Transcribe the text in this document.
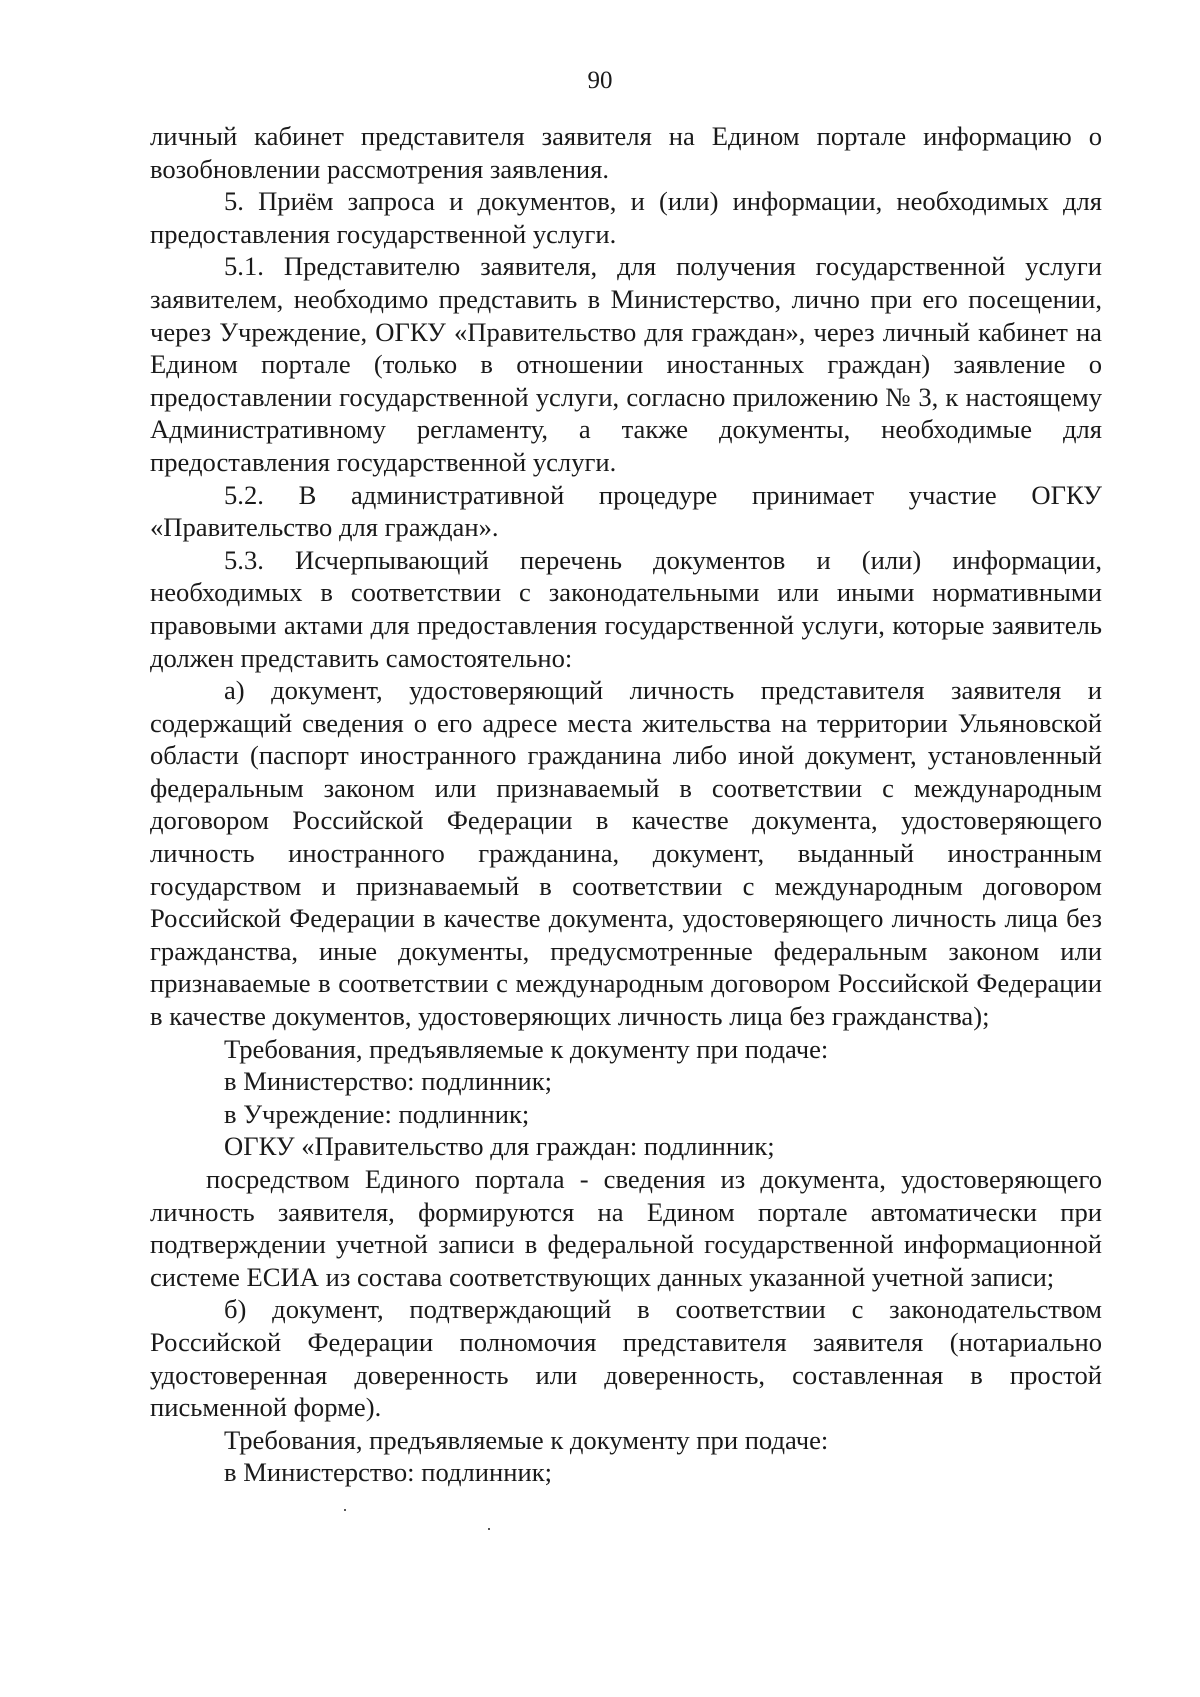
90

личный кабинет представителя заявителя на Едином портале информацию о возобновлении рассмотрения заявления.

5. Приём запроса и документов, и (или) информации, необходимых для предоставления государственной услуги.

5.1. Представителю заявителя, для получения государственной услуги заявителем, необходимо представить в Министерство, лично при его посещении, через Учреждение, ОГКУ «Правительство для граждан», через личный кабинет на Едином портале (только в отношении иностанных граждан) заявление о предоставлении государственной услуги, согласно приложению № 3, к настоящему Административному регламенту, а также документы, необходимые для предоставления государственной услуги.

5.2. В административной процедуре принимает участие ОГКУ «Правительство для граждан».

5.3. Исчерпывающий перечень документов и (или) информации, необходимых в соответствии с законодательными или иными нормативными правовыми актами для предоставления государственной услуги, которые заявитель должен представить самостоятельно:

а) документ, удостоверяющий личность представителя заявителя и содержащий сведения о его адресе места жительства на территории Ульяновской области (паспорт иностранного гражданина либо иной документ, установленный федеральным законом или признаваемый в соответствии с международным договором Российской Федерации в качестве документа, удостоверяющего личность иностранного гражданина, документ, выданный иностранным государством и признаваемый в соответствии с международным договором Российской Федерации в качестве документа, удостоверяющего личность лица без гражданства, иные документы, предусмотренные федеральным законом или признаваемые в соответствии с международным договором Российской Федерации в качестве документов, удостоверяющих личность лица без гражданства);

Требования, предъявляемые к документу при подаче:

в Министерство: подлинник;

в Учреждение: подлинник;

ОГКУ «Правительство для граждан: подлинник;

посредством Единого портала - сведения из документа, удостоверяющего личность заявителя, формируются на Едином портале автоматически при подтверждении учетной записи в федеральной государственной информационной системе ЕСИА из состава соответствующих данных указанной учетной записи;

б) документ, подтверждающий в соответствии с законодательством Российской Федерации полномочия представителя заявителя (нотариально удостоверенная доверенность или доверенность, составленная в простой письменной форме).

Требования, предъявляемые к документу при подаче:

в Министерство: подлинник;
